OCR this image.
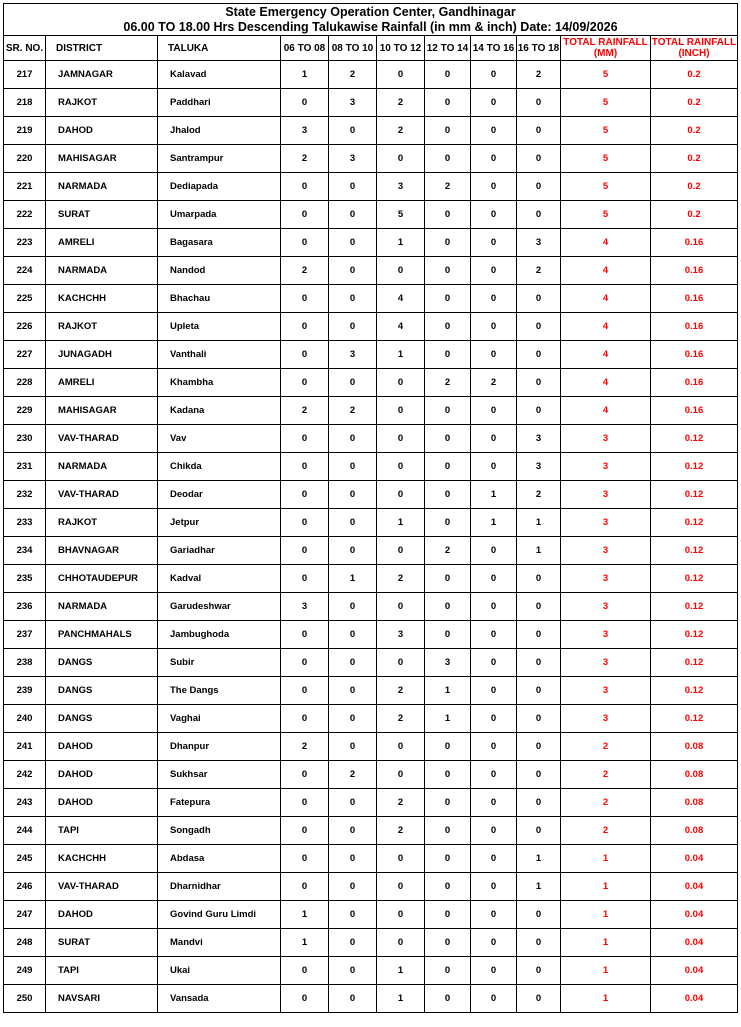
State Emergency Operation Center, Gandhinagar
06.00 TO 18.00 Hrs Descending Talukawise Rainfall (in mm & inch) Date: 14/09/2026										

SR. NO.	DISTRICT	TALUKA	06 TO 08	08 TO 10	10 TO 12	12 TO 14	14 TO 16	16 TO 18	TOTAL RAINFALL (MM)	TOTAL RAINFALL (INCH)
217	JAMNAGAR	Kalavad	1	2	0	0	0	2	5	0.2
218	RAJKOT	Paddhari	0	3	2	0	0	0	5	0.2
219	DAHOD	Jhalod	3	0	2	0	0	0	5	0.2
220	MAHISAGAR	Santrampur	2	3	0	0	0	0	5	0.2
221	NARMADA	Dediapada	0	0	3	2	0	0	5	0.2
222	SURAT	Umarpada	0	0	5	0	0	0	5	0.2
223	AMRELI	Bagasara	0	0	1	0	0	3	4	0.16
224	NARMADA	Nandod	2	0	0	0	0	2	4	0.16
225	KACHCHH	Bhachau	0	0	4	0	0	0	4	0.16
226	RAJKOT	Upleta	0	0	4	0	0	0	4	0.16
227	JUNAGADH	Vanthali	0	3	1	0	0	0	4	0.16
228	AMRELI	Khambha	0	0	0	2	2	0	4	0.16
229	MAHISAGAR	Kadana	2	2	0	0	0	0	4	0.16
230	VAV-THARAD	Vav	0	0	0	0	0	3	3	0.12
231	NARMADA	Chikda	0	0	0	0	0	3	3	0.12
232	VAV-THARAD	Deodar	0	0	0	0	1	2	3	0.12
233	RAJKOT	Jetpur	0	0	1	0	1	1	3	0.12
234	BHAVNAGAR	Gariadhar	0	0	0	2	0	1	3	0.12
235	CHHOTAUDEPUR	Kadval	0	1	2	0	0	0	3	0.12
236	NARMADA	Garudeshwar	3	0	0	0	0	0	3	0.12
237	PANCHMAHALS	Jambughoda	0	0	3	0	0	0	3	0.12
238	DANGS	Subir	0	0	0	3	0	0	3	0.12
239	DANGS	The Dangs	0	0	2	1	0	0	3	0.12
240	DANGS	Vaghai	0	0	2	1	0	0	3	0.12
241	DAHOD	Dhanpur	2	0	0	0	0	0	2	0.08
242	DAHOD	Sukhsar	0	2	0	0	0	0	2	0.08
243	DAHOD	Fatepura	0	0	2	0	0	0	2	0.08
244	TAPI	Songadh	0	0	2	0	0	0	2	0.08
245	KACHCHH	Abdasa	0	0	0	0	0	1	1	0.04
246	VAV-THARAD	Dharnidhar	0	0	0	0	0	1	1	0.04
247	DAHOD	Govind Guru Limdi	1	0	0	0	0	0	1	0.04
248	SURAT	Mandvi	1	0	0	0	0	0	1	0.04
249	TAPI	Ukai	0	0	1	0	0	0	1	0.04
250	NAVSARI	Vansada	0	0	1	0	0	0	1	0.04
